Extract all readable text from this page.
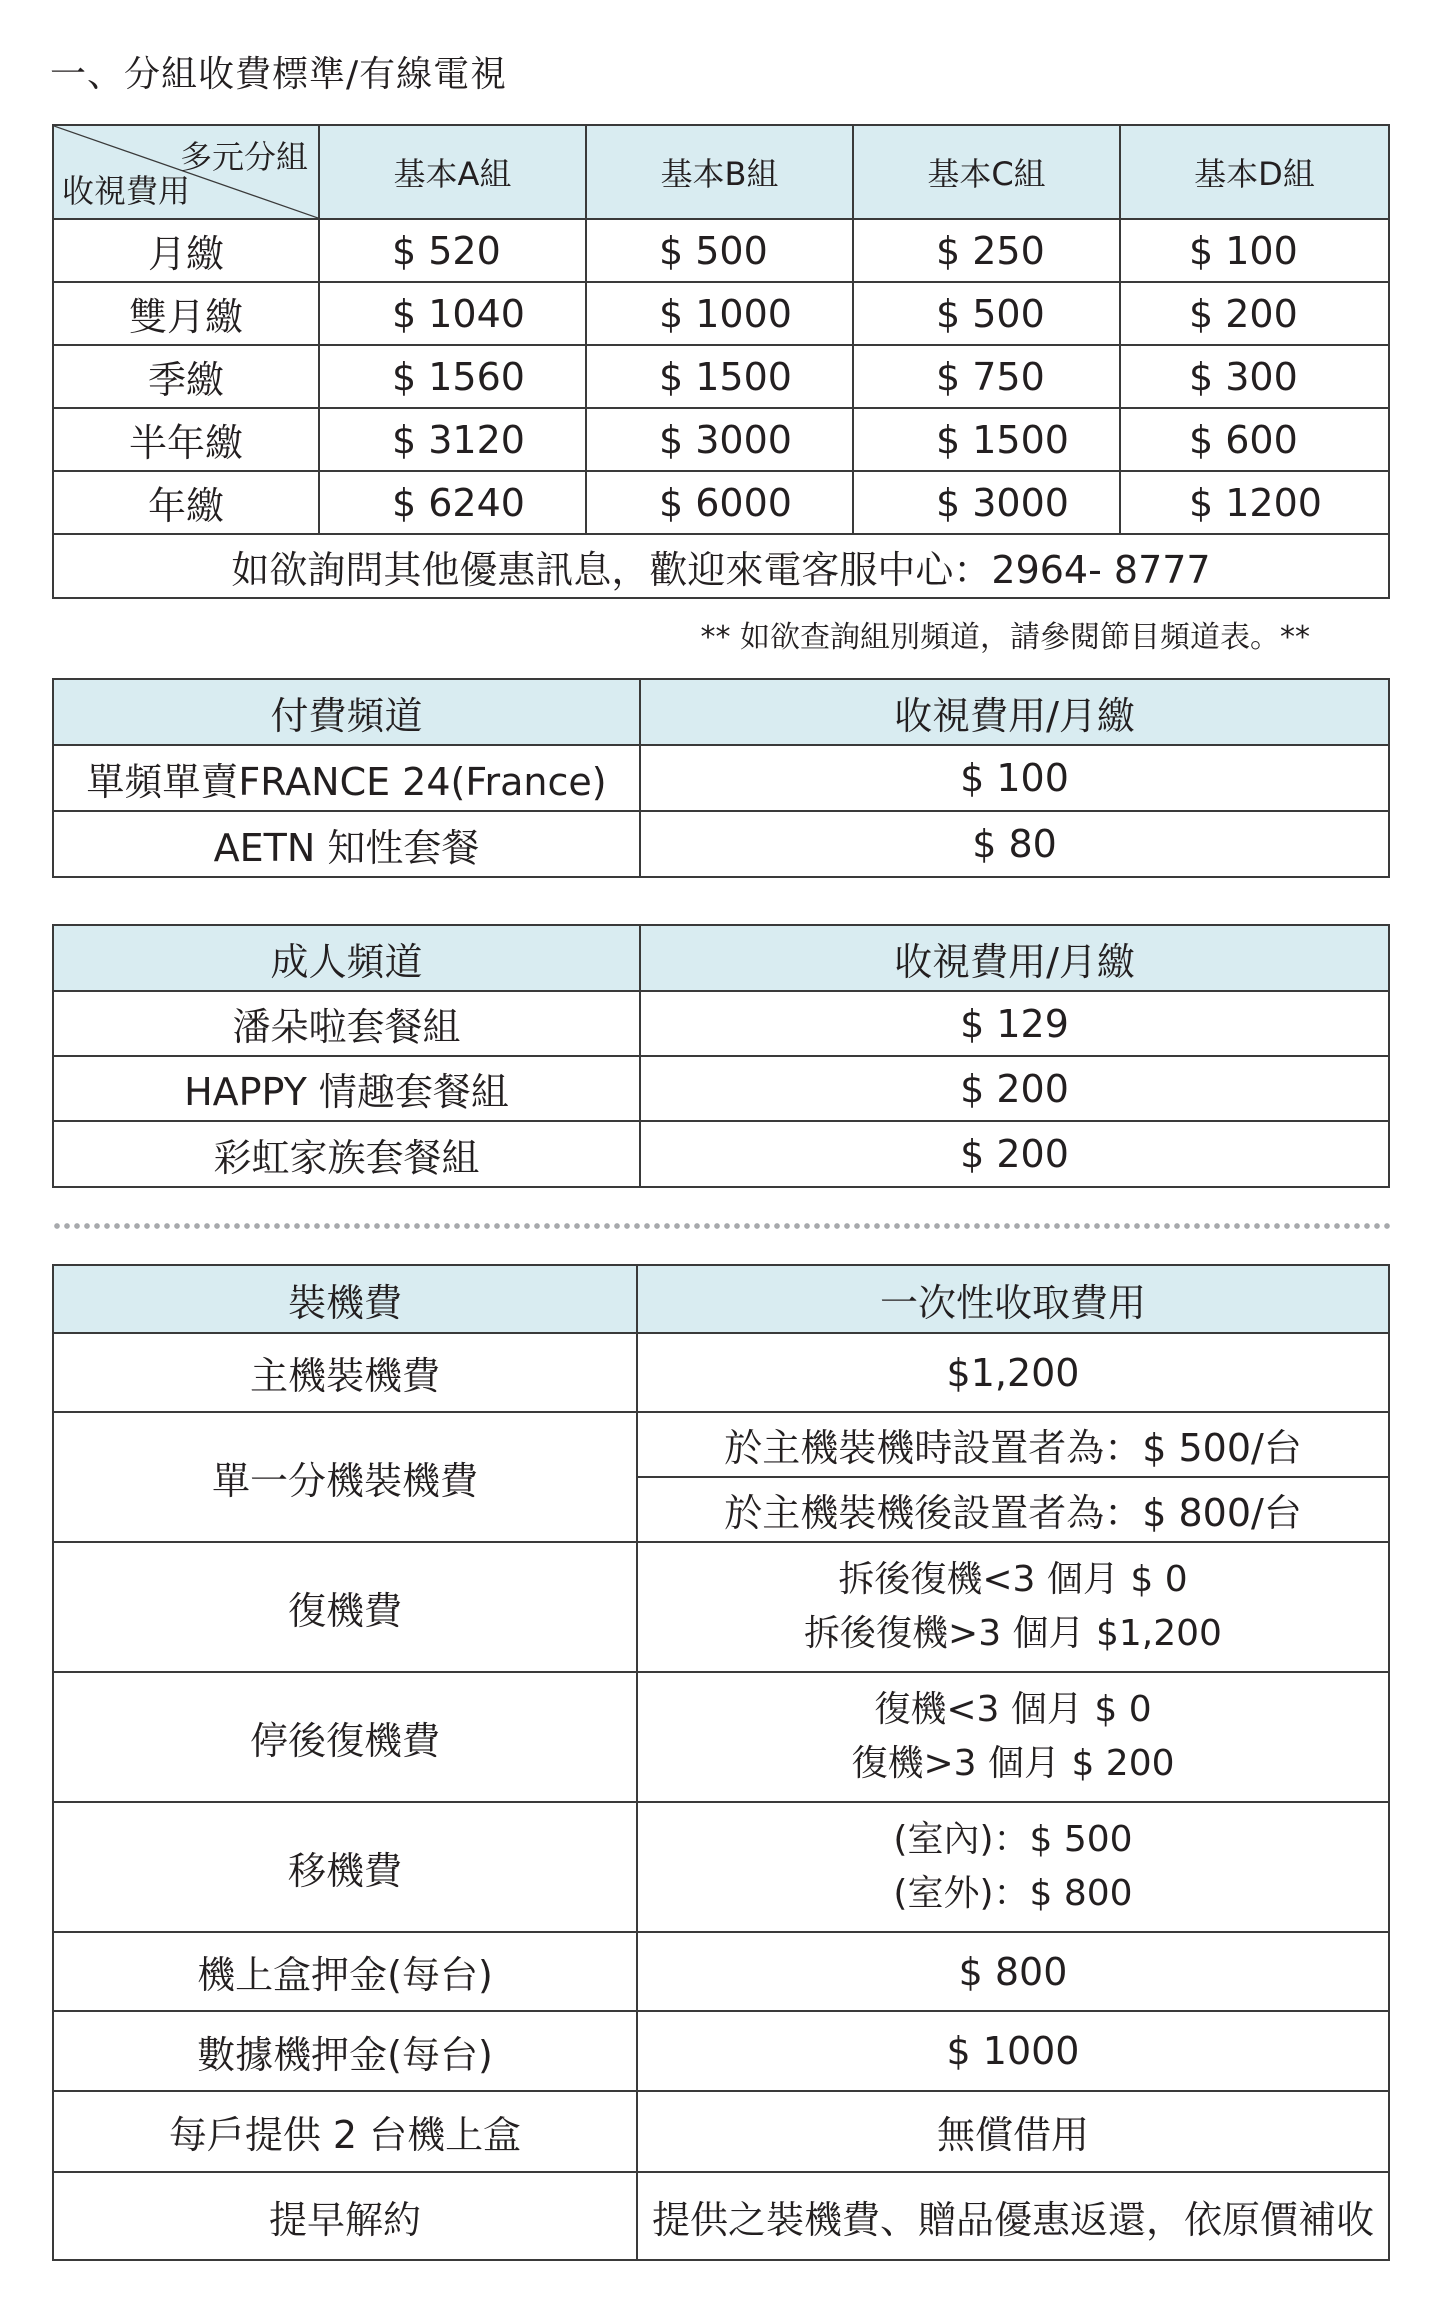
一、分組收費標準/有線電視
多元分組
收視費用	基本A組	基本B組	基本C組	基本D組
月繳	$ 520	$ 500	$ 250	$ 100
雙月繳	$ 1040	$ 1000	$ 500	$ 200
季繳	$ 1560	$ 1500	$ 750	$ 300
半年繳	$ 3120	$ 3000	$ 1500	$ 600
年繳	$ 6240	$ 6000	$ 3000	$ 1200
如欲詢問其他優惠訊息，歡迎來電客服中心：2964- 8777				
** 如欲查詢組別頻道，請參閱節目頻道表。**
付費頻道	收視費用/月繳
單頻單賣FRANCE 24(France)	$ 100
AETN 知性套餐	$ 80
成人頻道	收視費用/月繳
潘朵啦套餐組	$ 129
HAPPY 情趣套餐組	$ 200
彩虹家族套餐組	$ 200
裝機費	一次性收取費用
主機裝機費	$1,200
單一分機裝機費	於主機裝機時設置者為：$ 500/台
	於主機裝機後設置者為：$ 800/台
復機費	拆後復機<3 個月 $ 0
拆後復機>3 個月 $1,200

停後復機費	復機<3 個月 $ 0
復機>3 個月 $ 200

移機費	(室內)：$ 500
(室外)：$ 800

機上盒押金(每台)	$ 800
數據機押金(每台)	$ 1000
每戶提供 2 台機上盒	無償借用
提早解約	提供之裝機費、贈品優惠返還，依原價補收
